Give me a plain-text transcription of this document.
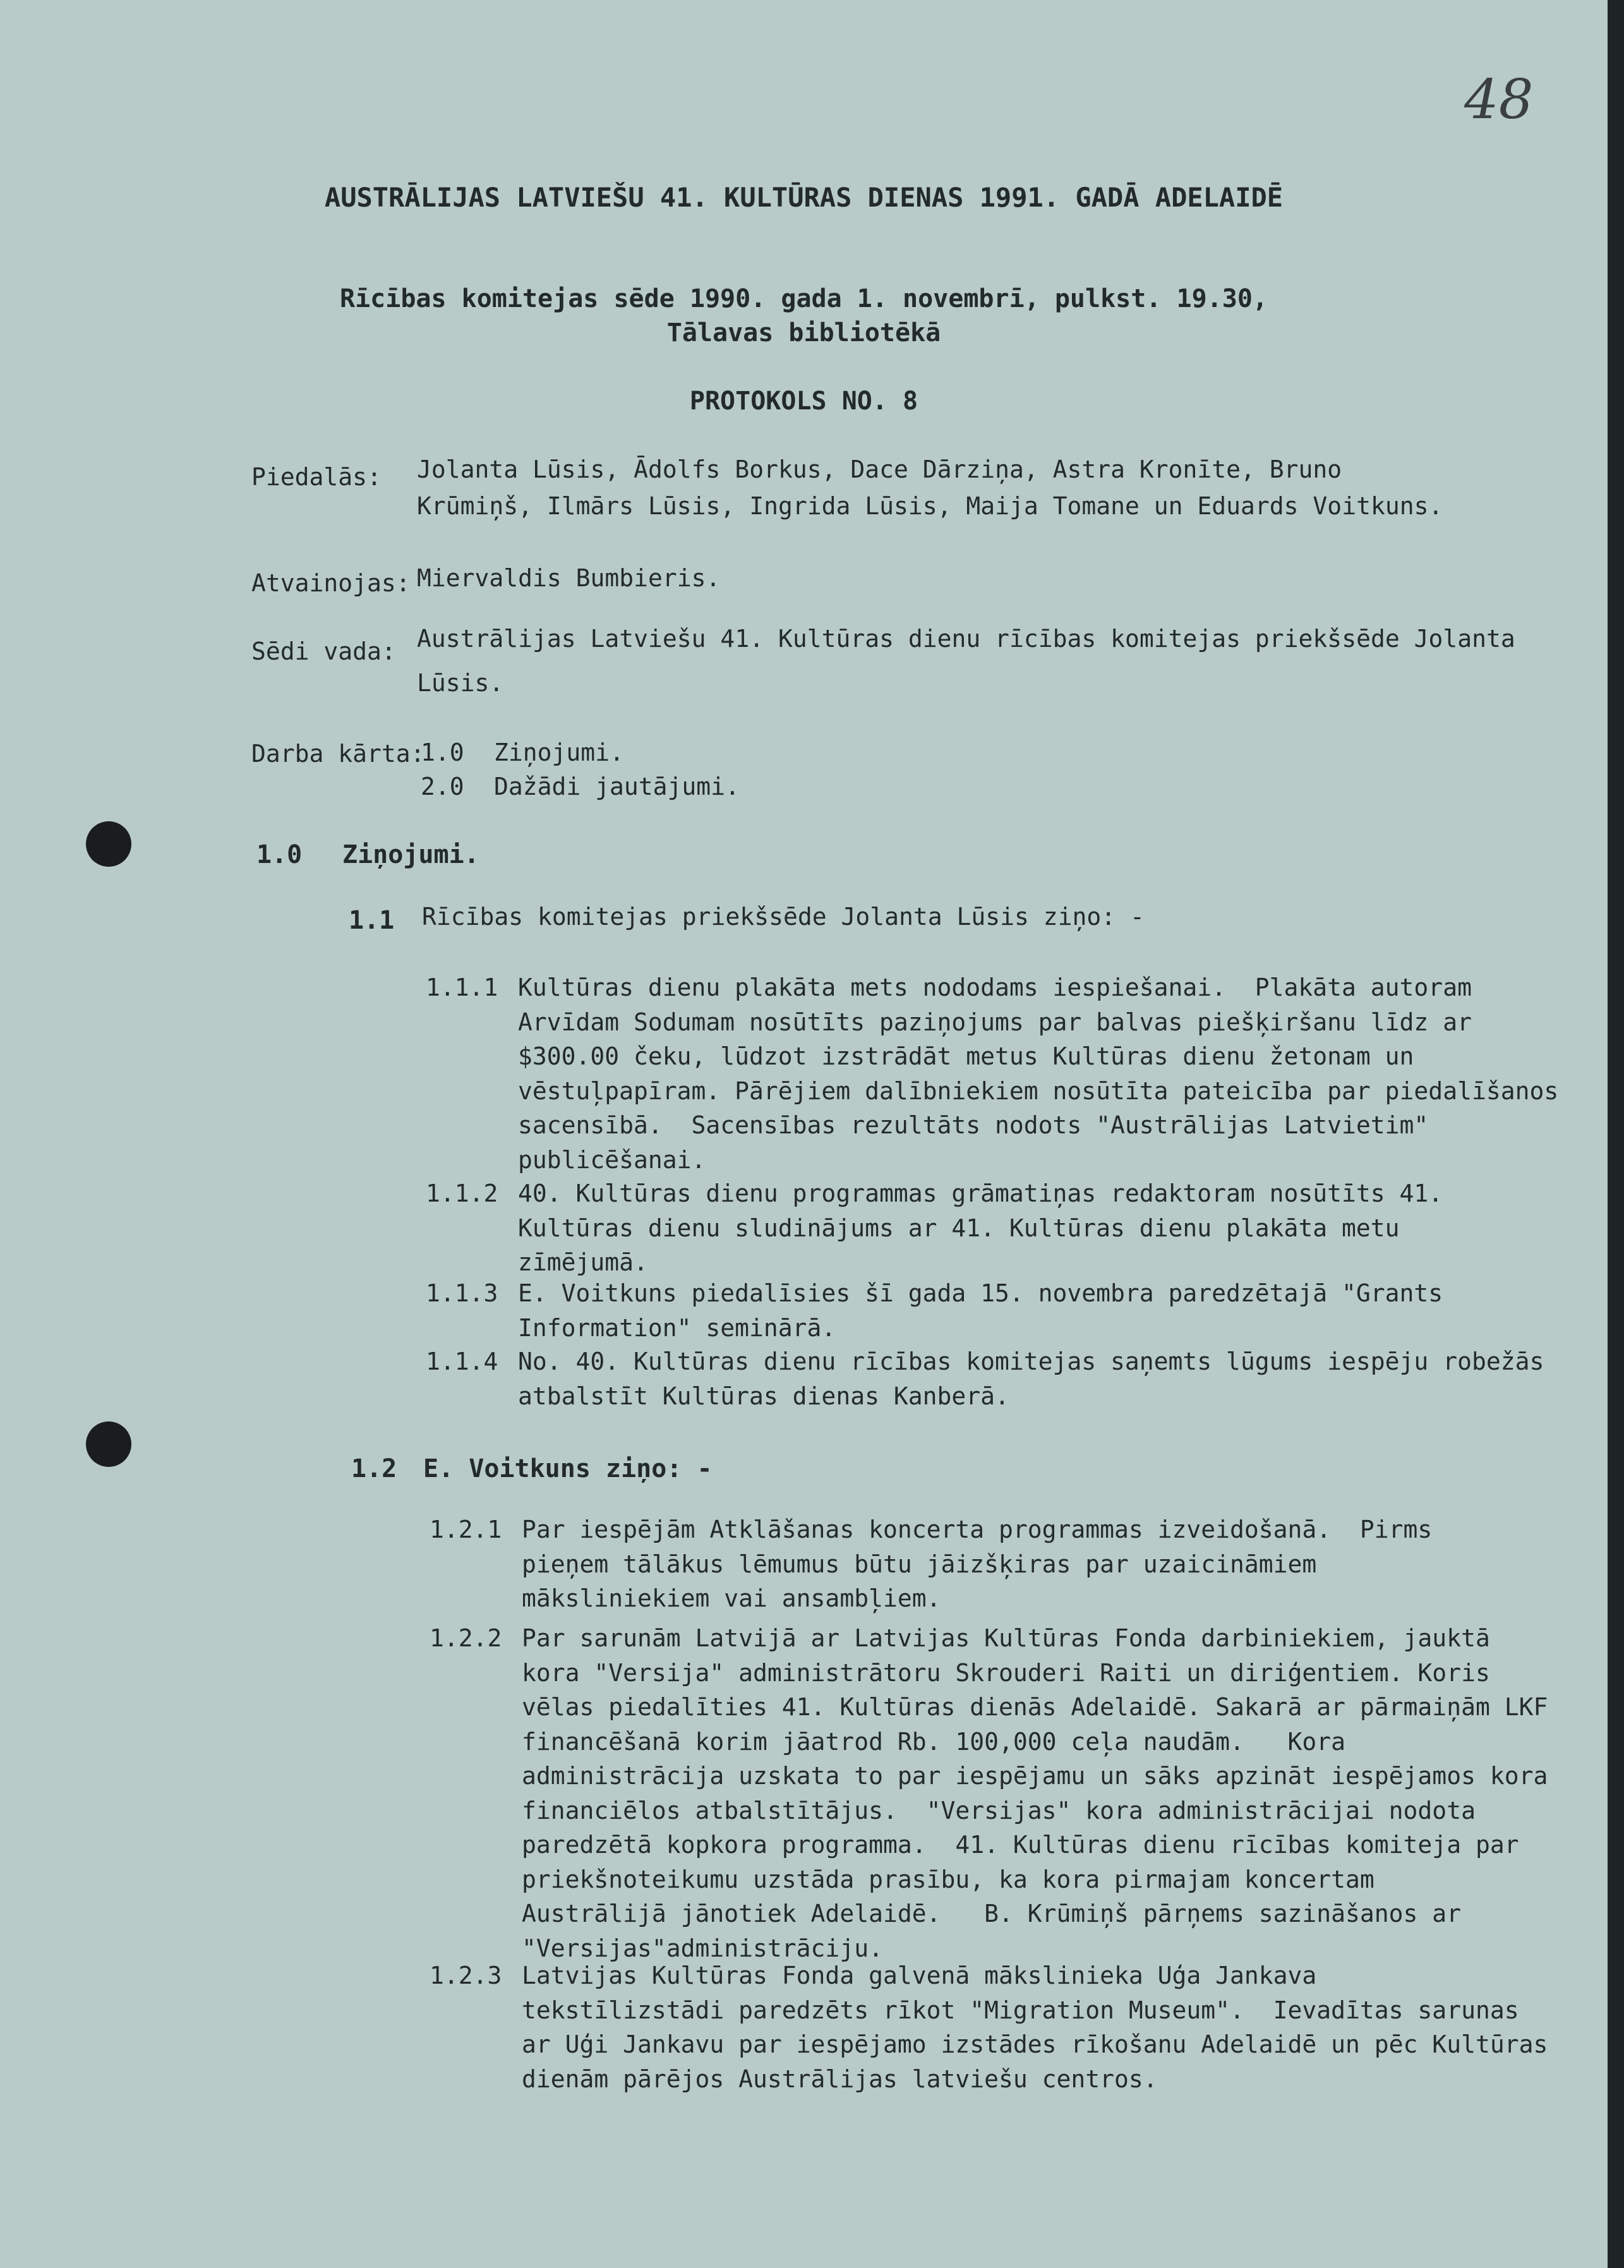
48
AUSTRĀLIJAS LATVIEŠU 41. KULTŪRAS DIENAS 1991. GADĀ ADELAIDĒ
Rīcības komitejas sēde 1990. gada 1. novembrī, pulkst. 19.30,
Tālavas bibliotēkā
PROTOKOLS NO. 8
Piedalās: Jolanta Lūsis, Ādolfs Borkus, Dace Dārziņa, Astra Kronīte, Bruno
Krūmiņš, Ilmārs Lūsis, Ingrida Lūsis, Maija Tomane un Eduards Voitkuns.
Atvainojas: Miervaldis Bumbieris.
Sēdi vada: Austrālijas Latviešu 41. Kultūras dienu rīcības komitejas priekšsēde Jolanta
Lūsis.
Darba kārta:
1.0 Ziņojumi.
2.0 Dažādi jautājumi.
1.0 Ziņojumi.
1.1 Rīcības komitejas priekšsēde Jolanta Lūsis ziņo: -
1.1.1 Kultūras dienu plakāta mets nododams iespiešanai.  Plakāta autoram
Arvīdam Sodumam nosūtīts paziņojums par balvas piešķiršanu līdz ar
$300.00 čeku, lūdzot izstrādāt metus Kultūras dienu žetonam un
vēstuļpapīram. Pārējiem dalībniekiem nosūtīta pateicība par piedalīšanos
sacensībā.  Sacensības rezultāts nodots "Austrālijas Latvietim"
publicēšanai.
1.1.2 40. Kultūras dienu programmas grāmatiņas redaktoram nosūtīts 41.
Kultūras dienu sludinājums ar 41. Kultūras dienu plakāta metu
zīmējumā.
1.1.3 E. Voitkuns piedalīsies šī gada 15. novembra paredzētajā "Grants
Information" seminārā.
1.1.4 No. 40. Kultūras dienu rīcības komitejas saņemts lūgums iespēju robežās
atbalstīt Kultūras dienas Kanberā.
1.2 E. Voitkuns ziņo: -
1.2.1 Par iespējām Atklāšanas koncerta programmas izveidošanā.  Pirms
pieņem tālākus lēmumus būtu jāizšķiras par uzaicināmiem
māksliniekiem vai ansambļiem.
1.2.2 Par sarunām Latvijā ar Latvijas Kultūras Fonda darbiniekiem, jauktā
kora "Versija" administrātoru Skrouderi Raiti un diriģentiem. Koris
vēlas piedalīties 41. Kultūras dienās Adelaidē. Sakarā ar pārmaiņām LKF
financēšanā korim jāatrod Rb. 100,000 ceļa naudām.   Kora
administrācija uzskata to par iespējamu un sāks apzināt iespējamos kora
financiēlos atbalstītājus.  "Versijas" kora administrācijai nodota
paredzētā kopkora programma.  41. Kultūras dienu rīcības komiteja par
priekšnoteikumu uzstāda prasību, ka kora pirmajam koncertam
Austrālijā jānotiek Adelaidē.   B. Krūmiņš pārņems sazināšanos ar
"Versijas"administrāciju.
1.2.3 Latvijas Kultūras Fonda galvenā mākslinieka Uģa Jankava
tekstīlizstādi paredzēts rīkot "Migration Museum".  Ievadītas sarunas
ar Uģi Jankavu par iespējamo izstādes rīkošanu Adelaidē un pēc Kultūras
dienām pārējos Austrālijas latviešu centros.
